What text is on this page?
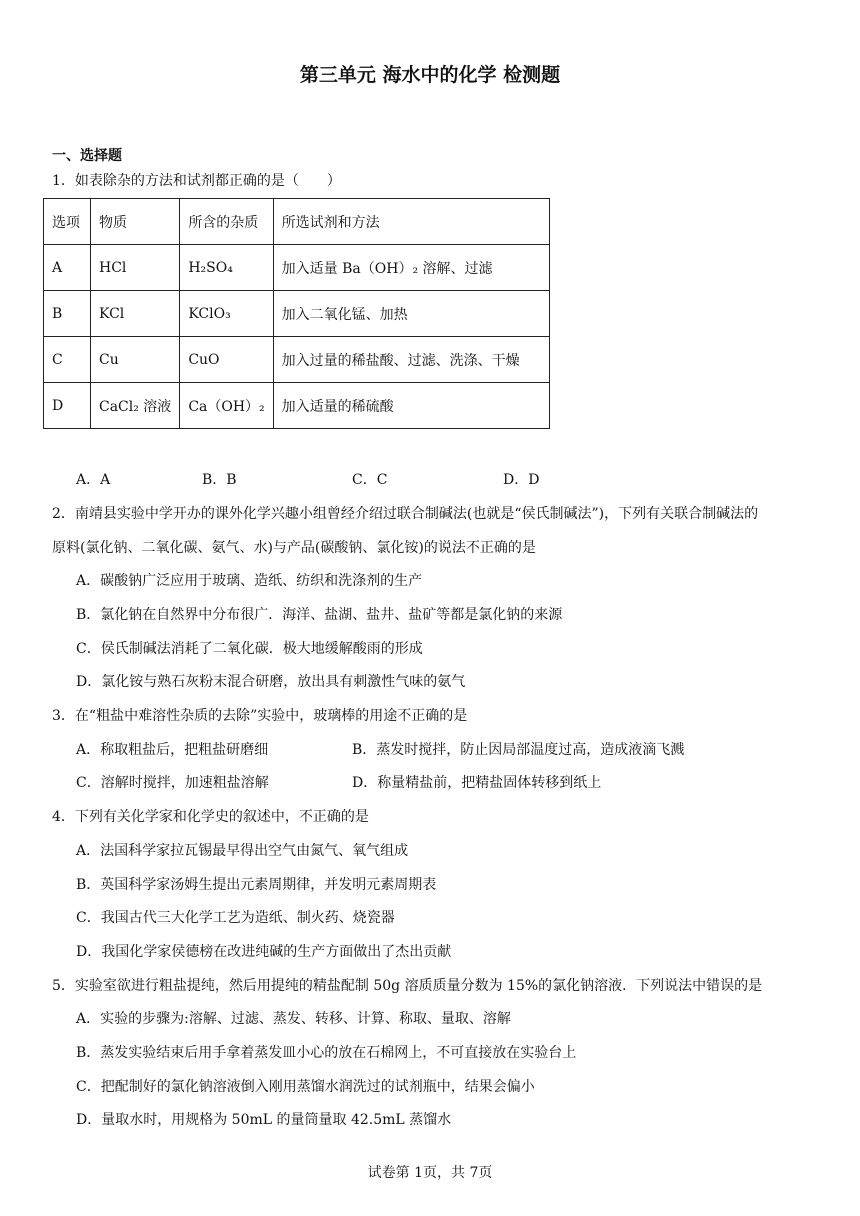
第三单元 海水中的化学 检测题
一、选择题
1．如表除杂的方法和试剂都正确的是（　　）
选项	物质	所含的杂质	所选试剂和方法
A	HCl	H₂SO₄	加入适量 Ba（OH）₂ 溶解、过滤
B	KCl	KClO₃	加入二氧化锰、加热
C	Cu	CuO	加入过量的稀盐酸、过滤、洗涤、干燥
D	CaCl₂ 溶液	Ca（OH）₂	加入适量的稀硫酸
A．A	B．B	C．C	D．D
2．南靖县实验中学开办的课外化学兴趣小组曾经介绍过联合制碱法(也就是“侯氏制碱法”)，下列有关联合制碱法的
原料(氯化钠、二氧化碳、氨气、水)与产品(碳酸钠、氯化铵)的说法不正确的是
A．碳酸钠广泛应用于玻璃、造纸、纺织和洗涤剂的生产
B．氯化钠在自然界中分布很广．海洋、盐湖、盐井、盐矿等都是氯化钠的来源
C．侯氏制碱法消耗了二氧化碳．极大地缓解酸雨的形成
D．氯化铵与熟石灰粉末混合研磨，放出具有刺激性气味的氨气
3．在“粗盐中难溶性杂质的去除”实验中，玻璃棒的用途不正确的是
A．称取粗盐后，把粗盐研磨细	B．蒸发时搅拌，防止因局部温度过高，造成液滴飞溅
C．溶解时搅拌，加速粗盐溶解	D．称量精盐前，把精盐固体转移到纸上
4．下列有关化学家和化学史的叙述中，不正确的是
A．法国科学家拉瓦锡最早得出空气由氮气、氧气组成
B．英国科学家汤姆生提出元素周期律，并发明元素周期表
C．我国古代三大化学工艺为造纸、制火药、烧瓷器
D．我国化学家侯德榜在改进纯碱的生产方面做出了杰出贡献
5．实验室欲进行粗盐提纯，然后用提纯的精盐配制 50g 溶质质量分数为 15%的氯化钠溶液．下列说法中错误的是
A．实验的步骤为:溶解、过滤、蒸发、转移、计算、称取、量取、溶解
B．蒸发实验结束后用手拿着蒸发皿小心的放在石棉网上，不可直接放在实验台上
C．把配制好的氯化钠溶液倒入刚用蒸馏水润洗过的试剂瓶中，结果会偏小
D．量取水时，用规格为 50mL 的量筒量取 42.5mL 蒸馏水
试卷第 1页，共 7页
